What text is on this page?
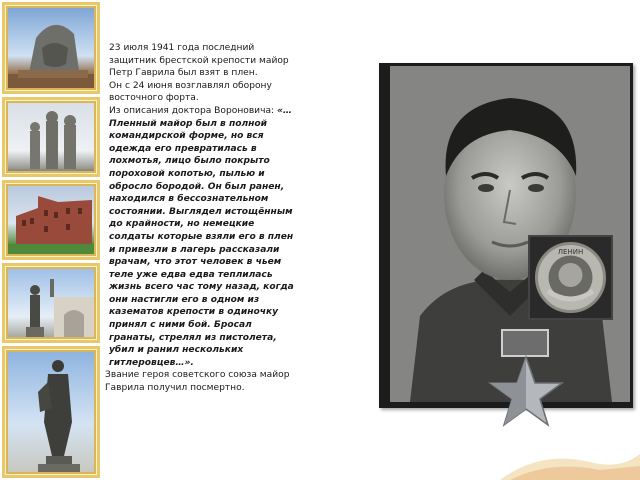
23 июля 1941 года последний защитник брестской крепости майор Петр Гаврила был взят в плен.

Он с 24 июня возглавлял оборону восточного форта.

Из описания доктора Вороновича: «…Пленный майор был в полной командирской форме, но вся одежда его превратилась в лохмотья, лицо было покрыто пороховой копотью, пылью и обросло бородой. Он был ранен, находился в бессознательном состоянии. Выглядел истощённым до крайности, но немецкие солдаты которые взяли его в плен и привезли в лагерь рассказали врачам, что этот человек в чьем теле уже едва едва теплилась жизнь всего час тому назад, когда они настигли его в одном из казематов крепости в одиночку принял с ними бой. Бросал гранаты, стрелял из пистолета, убил и ранил нескольких гитлеровцев…».

Звание героя советского союза майор Гаврила получил посмертно.

ЛЕНИН
